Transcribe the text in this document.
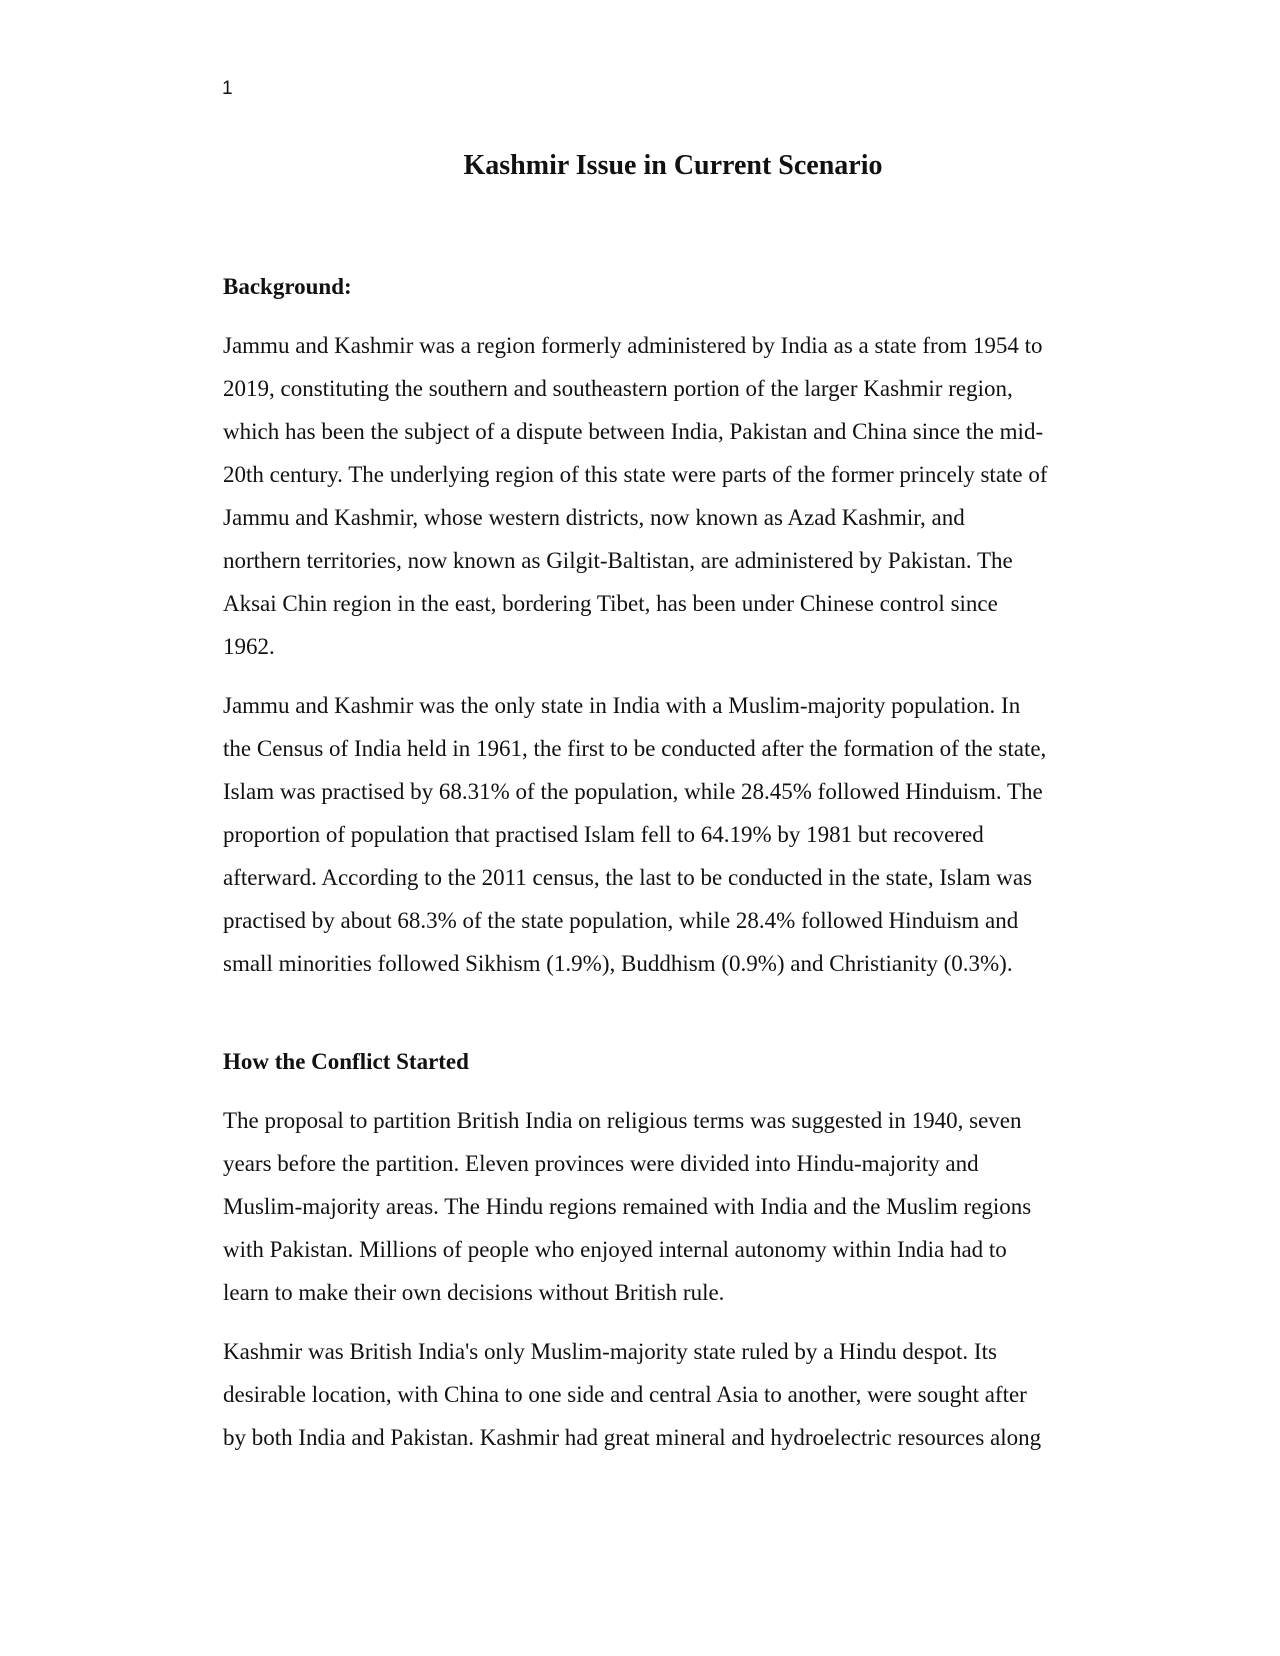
1

Kashmir Issue in Current Scenario
Background:

Jammu and Kashmir was a region formerly administered by India as a state from 1954 to
2019, constituting the southern and southeastern portion of the larger Kashmir region,
which has been the subject of a dispute between India, Pakistan and China since the mid-
20th century. The underlying region of this state were parts of the former princely state of
Jammu and Kashmir, whose western districts, now known as Azad Kashmir, and
northern territories, now known as Gilgit-Baltistan, are administered by Pakistan. The
Aksai Chin region in the east, bordering Tibet, has been under Chinese control since
1962.

Jammu and Kashmir was the only state in India with a Muslim-majority population. In
the Census of India held in 1961, the first to be conducted after the formation of the state,
Islam was practised by 68.31% of the population, while 28.45% followed Hinduism. The
proportion of population that practised Islam fell to 64.19% by 1981 but recovered
afterward. According to the 2011 census, the last to be conducted in the state, Islam was
practised by about 68.3% of the state population, while 28.4% followed Hinduism and
small minorities followed Sikhism (1.9%), Buddhism (0.9%) and Christianity (0.3%).

How the Conflict Started

The proposal to partition British India on religious terms was suggested in 1940, seven
years before the partition. Eleven provinces were divided into Hindu-majority and
Muslim-majority areas. The Hindu regions remained with India and the Muslim regions
with Pakistan. Millions of people who enjoyed internal autonomy within India had to
learn to make their own decisions without British rule.

Kashmir was British India's only Muslim-majority state ruled by a Hindu despot. Its
desirable location, with China to one side and central Asia to another, were sought after
by both India and Pakistan. Kashmir had great mineral and hydroelectric resources along
